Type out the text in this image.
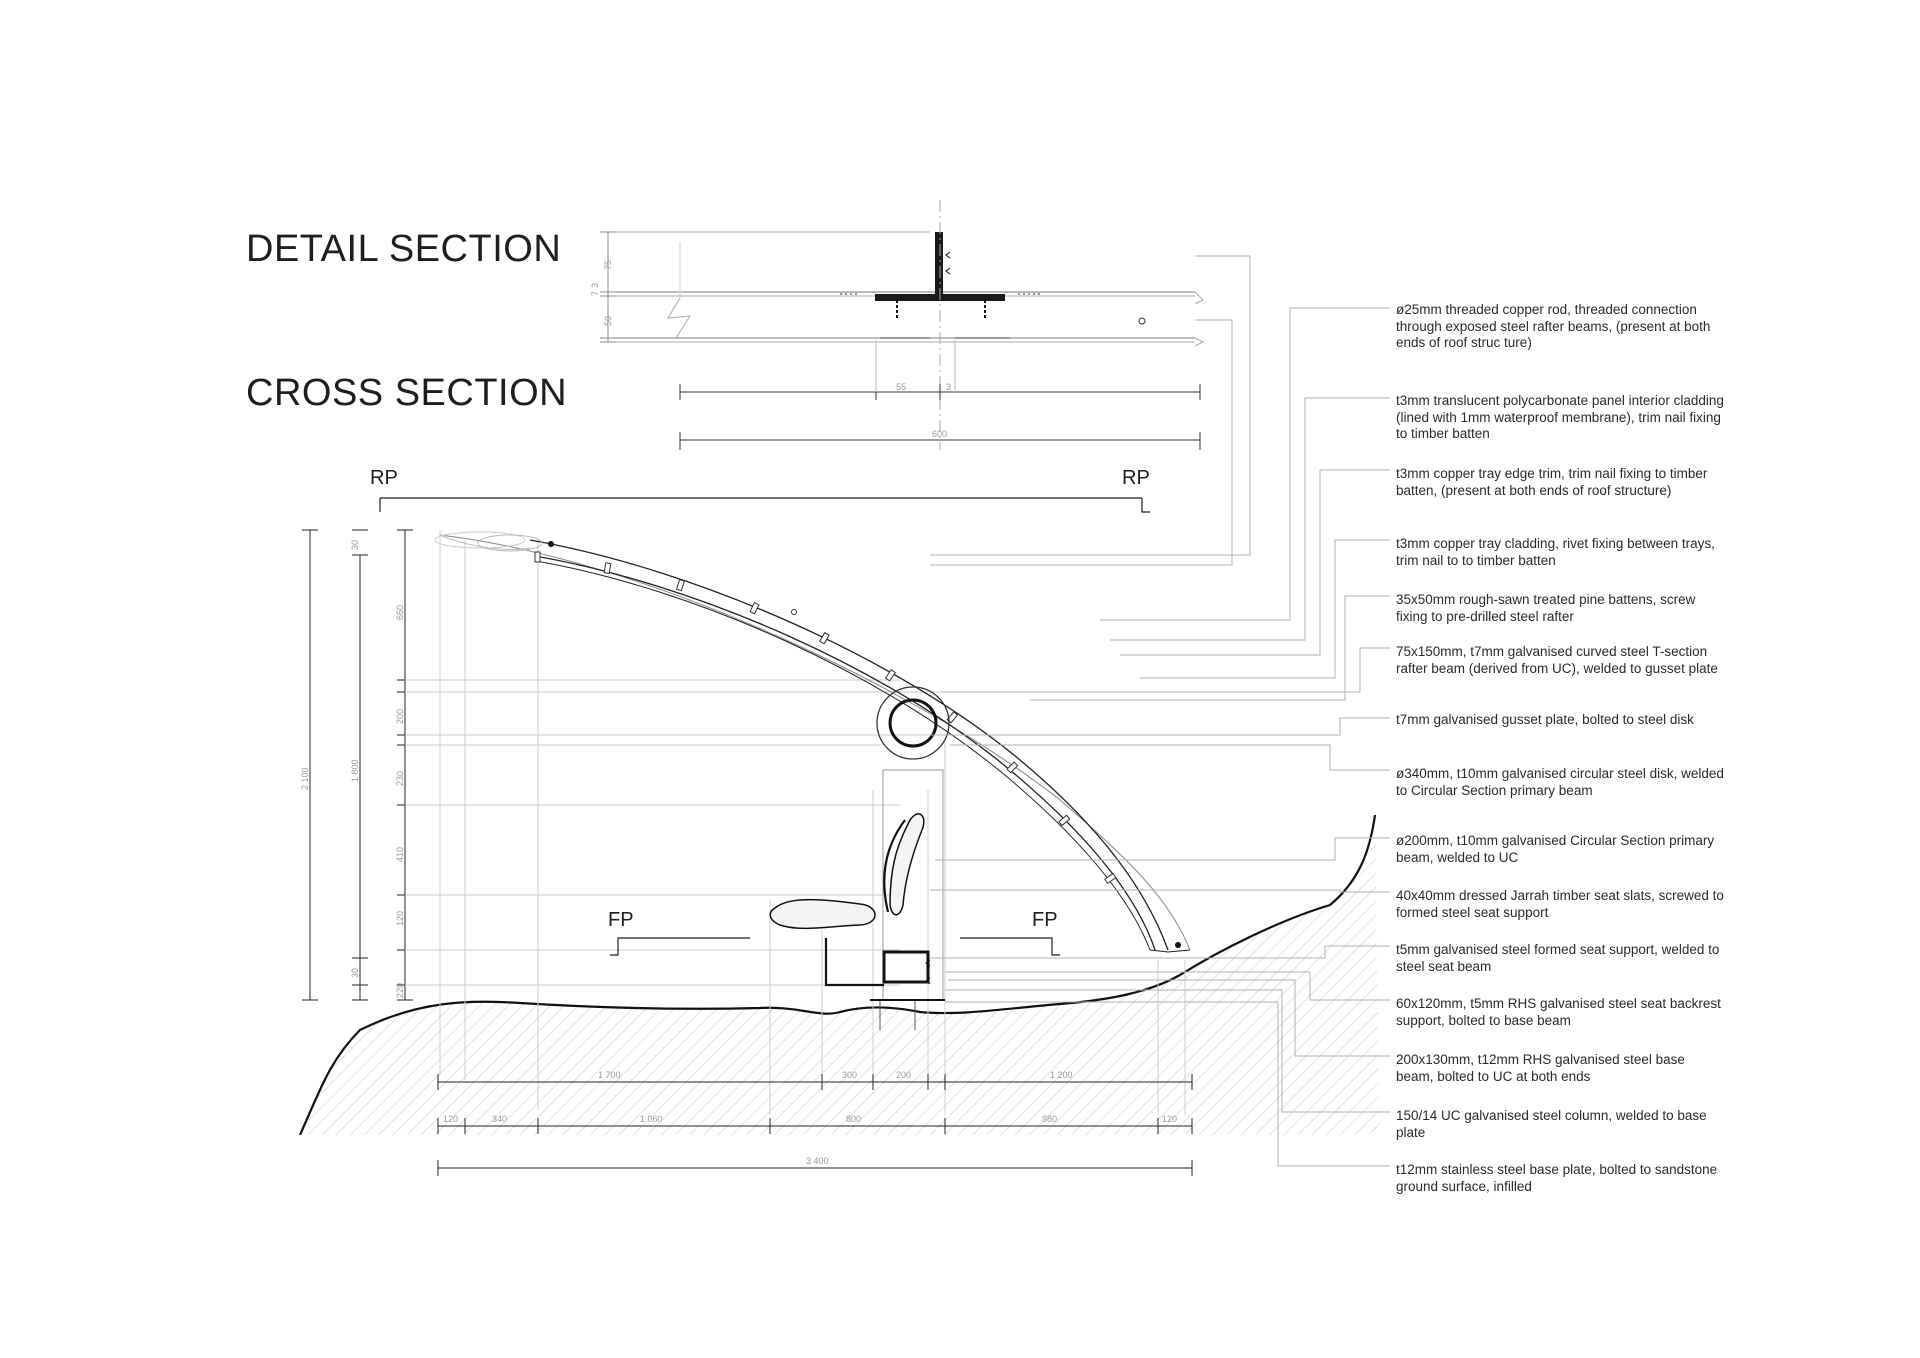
DETAIL SECTION
CROSS SECTION
ø25mm threaded copper rod, threaded connection through exposed steel rafter beams, (present at both ends of roof struc ture)
t3mm translucent polycarbonate panel interior cladding (lined with 1mm waterproof membrane), trim nail fixing to timber batten
t3mm copper tray edge trim, trim nail fixing to timber batten, (present at both ends of roof structure)
t3mm copper tray cladding, rivet fixing between trays, trim nail to to timber batten
35x50mm rough-sawn treated pine battens, screw fixing to pre-drilled steel rafter
75x150mm, t7mm galvanised curved steel T-section rafter beam (derived from UC), welded to gusset plate
t7mm galvanised gusset plate, bolted to steel disk
ø340mm, t10mm galvanised circular steel disk, welded to Circular Section primary beam
ø200mm, t10mm galvanised Circular Section primary beam, welded to UC
40x40mm dressed Jarrah timber seat slats, screwed to formed steel seat support
t5mm galvanised steel formed seat support, welded to steel seat beam
60x120mm, t5mm RHS galvanised steel seat backrest support, bolted to base beam
200x130mm, t12mm RHS galvanised steel base beam, bolted to UC at both ends
150/14 UC galvanised steel column, welded to base plate
t12mm stainless steel base plate, bolted to sandstone ground surface, infilled
75
7
3
50
55	3
600
RP	RP
2 100	1 800
30
660
200
230
410
120
30
220
FP	FP
1 700	300	200	1 200
120	340	1 060	800	980	120
3 400
